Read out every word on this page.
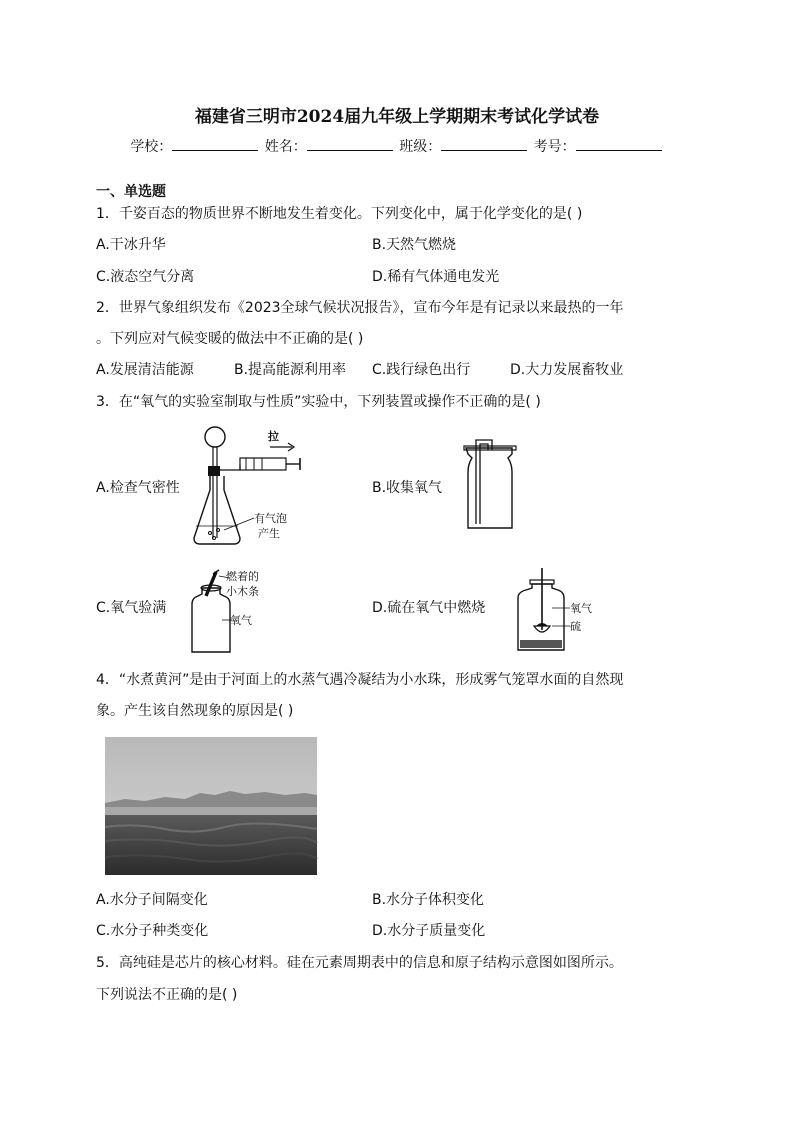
福建省三明市2024届九年级上学期期末考试化学试卷
学校：	姓名：	班级：	考号：
一、单选题
1．千姿百态的物质世界不断地发生着变化。下列变化中，属于化学变化的是( )
A.干冰升华	B.天然气燃烧
C.液态空气分离	D.稀有气体通电发光
2．世界气象组织发布《2023全球气候状况报告》，宣布今年是有记录以来最热的一年
。下列应对气候变暖的做法中不正确的是( )
A.发展清洁能源	B.提高能源利用率 C.践行绿色出行	D.大力发展畜牧业
3．在“氧气的实验室制取与性质”实验中，下列装置或操作不正确的是( )
A.检查气密性	B.收集氧气
C.氧气验满	D.硫在氧气中燃烧
拉
有气泡
产生
燃着的
小木条
氧气
氧气
硫
4．“水煮黄河”是由于河面上的水蒸气遇冷凝结为小水珠，形成雾气笼罩水面的自然现
象。产生该自然现象的原因是( )
A.水分子间隔变化	B.水分子体积变化
C.水分子种类变化	D.水分子质量变化
5．高纯硅是芯片的核心材料。硅在元素周期表中的信息和原子结构示意图如图所示。
下列说法不正确的是( )
